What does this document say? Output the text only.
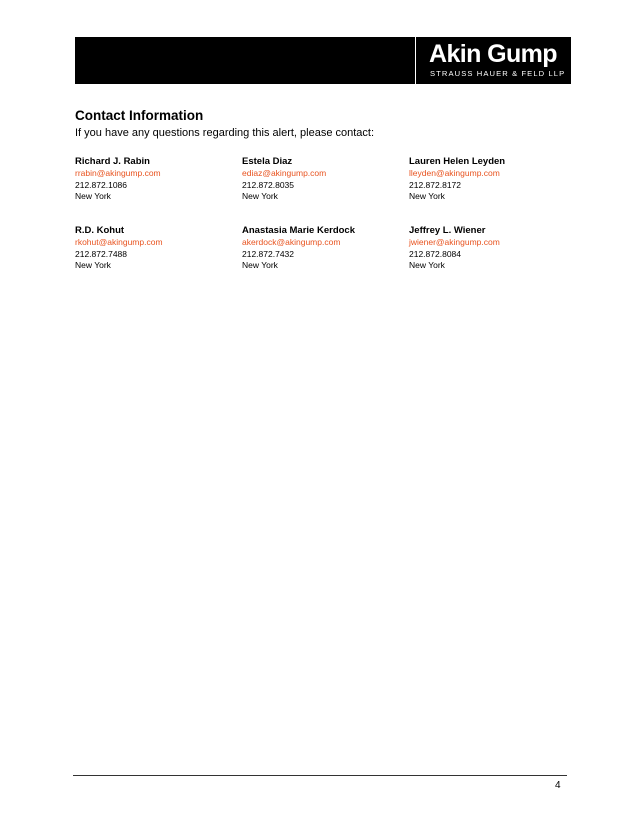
Akin Gump
STRAUSS HAUER & FELD LLP
Contact Information
If you have any questions regarding this alert, please contact:
Richard J. Rabin
rrabin@akingump.com
212.872.1086
New York
Estela Diaz
ediaz@akingump.com
212.872.8035
New York
Lauren Helen Leyden
lleyden@akingump.com
212.872.8172
New York
R.D. Kohut
rkohut@akingump.com
212.872.7488
New York
Anastasia Marie Kerdock
akerdock@akingump.com
212.872.7432
New York
Jeffrey L. Wiener
jwiener@akingump.com
212.872.8084
New York
4
